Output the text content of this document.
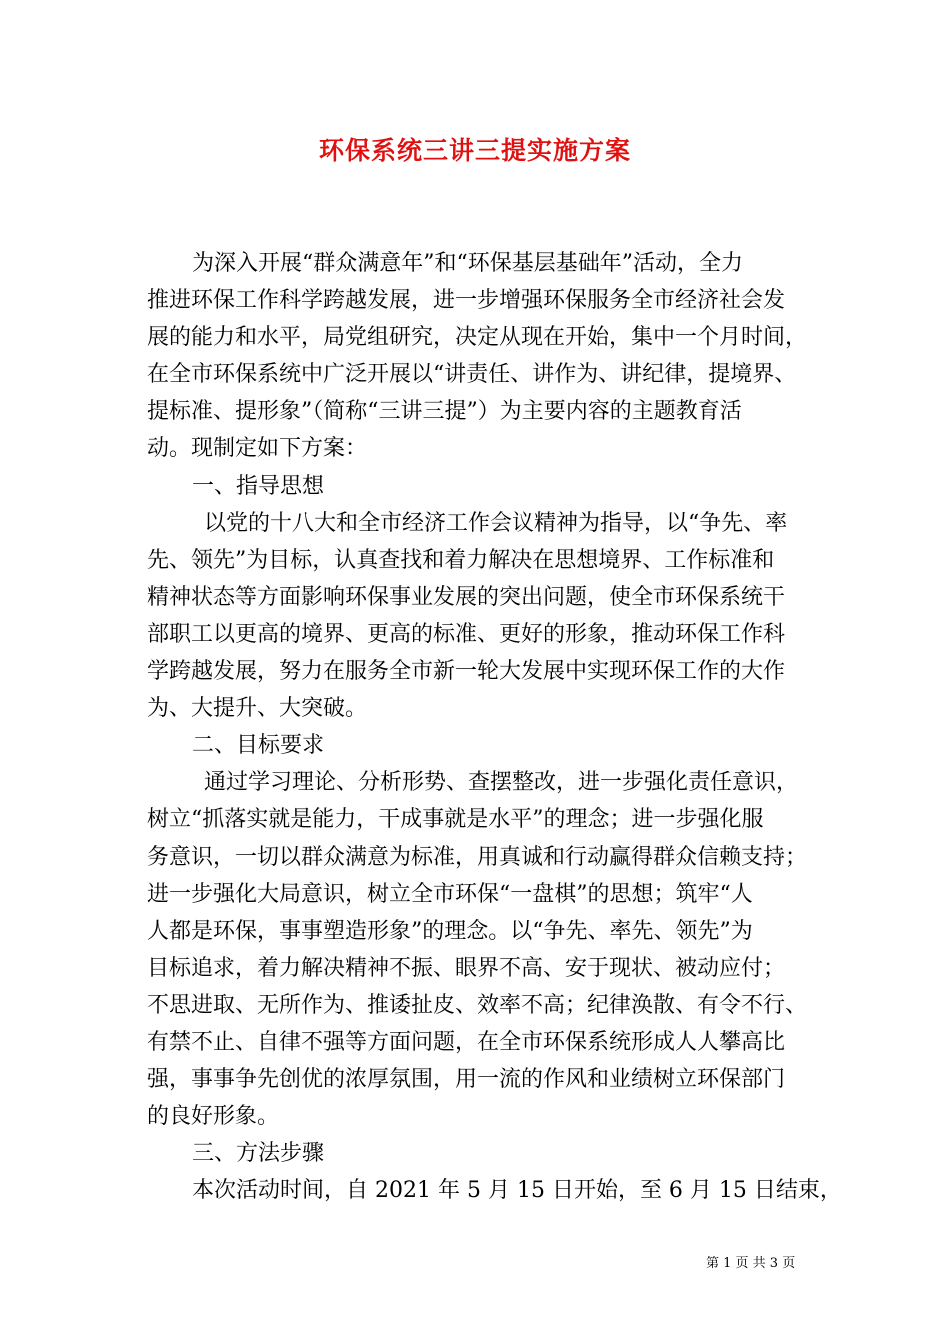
环保系统三讲三提实施方案
为深入开展“群众满意年”和“环保基层基础年”活动，全力
推进环保工作科学跨越发展，进一步增强环保服务全市经济社会发
展的能力和水平，局党组研究，决定从现在开始，集中一个月时间，
在全市环保系统中广泛开展以“讲责任、讲作为、讲纪律，提境界、
提标准、提形象”（简称“三讲三提”）为主要内容的主题教育活
动。现制定如下方案：
一、指导思想
以党的十八大和全市经济工作会议精神为指导，以“争先、率
先、领先”为目标，认真查找和着力解决在思想境界、工作标准和
精神状态等方面影响环保事业发展的突出问题，使全市环保系统干
部职工以更高的境界、更高的标准、更好的形象，推动环保工作科
学跨越发展，努力在服务全市新一轮大发展中实现环保工作的大作
为、大提升、大突破。
二、目标要求
通过学习理论、分析形势、查摆整改，进一步强化责任意识，
树立“抓落实就是能力，干成事就是水平”的理念；进一步强化服
务意识，一切以群众满意为标准，用真诚和行动赢得群众信赖支持；
进一步强化大局意识，树立全市环保“一盘棋”的思想；筑牢“人
人都是环保，事事塑造形象”的理念。以“争先、率先、领先”为
目标追求，着力解决精神不振、眼界不高、安于现状、被动应付；
不思进取、无所作为、推诿扯皮、效率不高；纪律涣散、有令不行、
有禁不止、自律不强等方面问题，在全市环保系统形成人人攀高比
强，事事争先创优的浓厚氛围，用一流的作风和业绩树立环保部门
的良好形象。
三、方法步骤
本次活动时间，自 2021 年 5 月 15 日开始，至 6 月 15 日结束，
第 1 页 共 3 页
